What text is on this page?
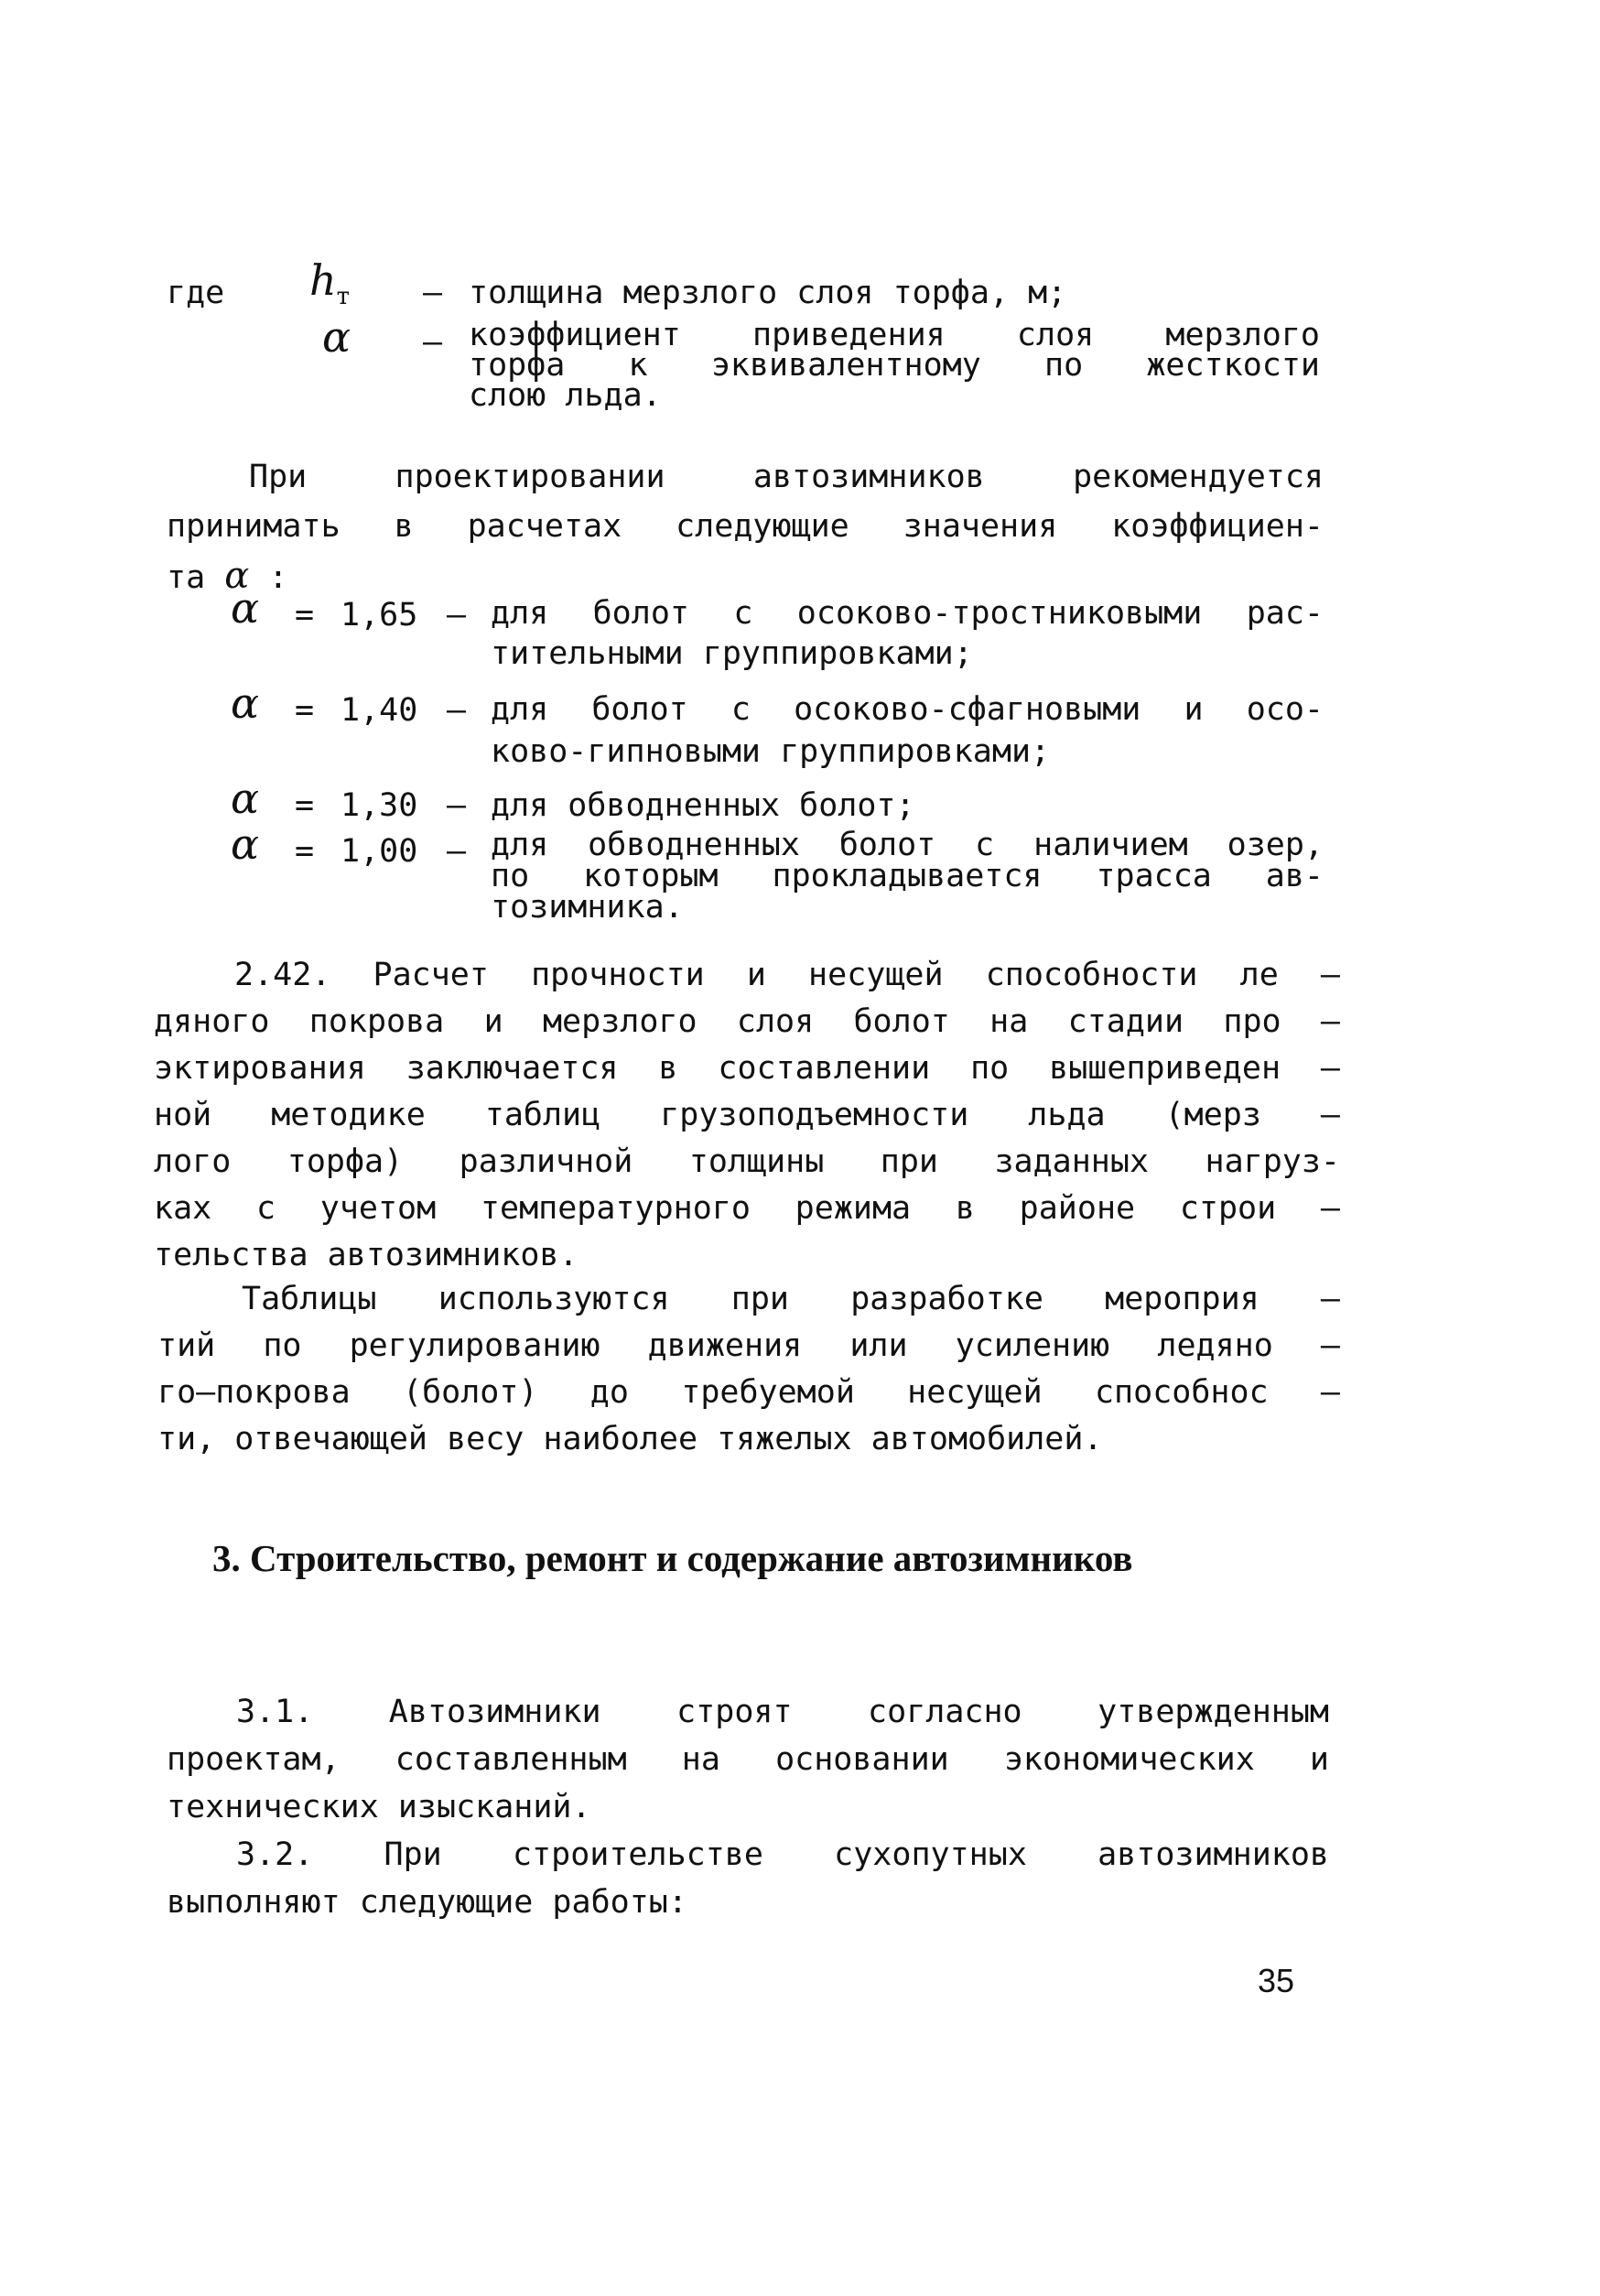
где $h_т$ – толщина мерзлого слоя торфа, м;
α – коэффициент приведения слоя мерзлого
торфа к эквивалентному по жесткости
слою льда.
При проектировании автозимников рекомендуется
принимать в расчетах следующие значения коэффициен-
та α :
α = 1,65 – для болот с осоково-тростниковыми рас-
тительными группировками;
α = 1,40 – для болот с осоково-сфагновыми и осо-
ково-гипновыми группировками;
α = 1,30 – для обводненных болот;
α = 1,00 – для обводненных болот с наличием озер,
по которым прокладывается трасса ав-
тозимника.
2.42. Расчет прочности и несущей способности ле –
дяного покрова и мерзлого слоя болот на стадии про –
эктирования заключается в составлении по вышеприведен –
ной методике таблиц грузоподъемности льда (мерз –
лого торфа) различной толщины при заданных нагруз-
ках с учетом температурного режима в районе строи –
тельства автозимников.
Таблицы используются при разработке мероприя –
тий по регулированию движения или усилению ледяно –
го–покрова (болот) до требуемой несущей способнос –
ти, отвечающей весу наиболее тяжелых автомобилей.
3. Строительство, ремонт и содержание автозимников
3.1. Автозимники строят согласно утвержденным
проектам, составленным на основании экономических и
технических изысканий.
3.2. При строительстве сухопутных автозимников
выполняют следующие работы:
35
